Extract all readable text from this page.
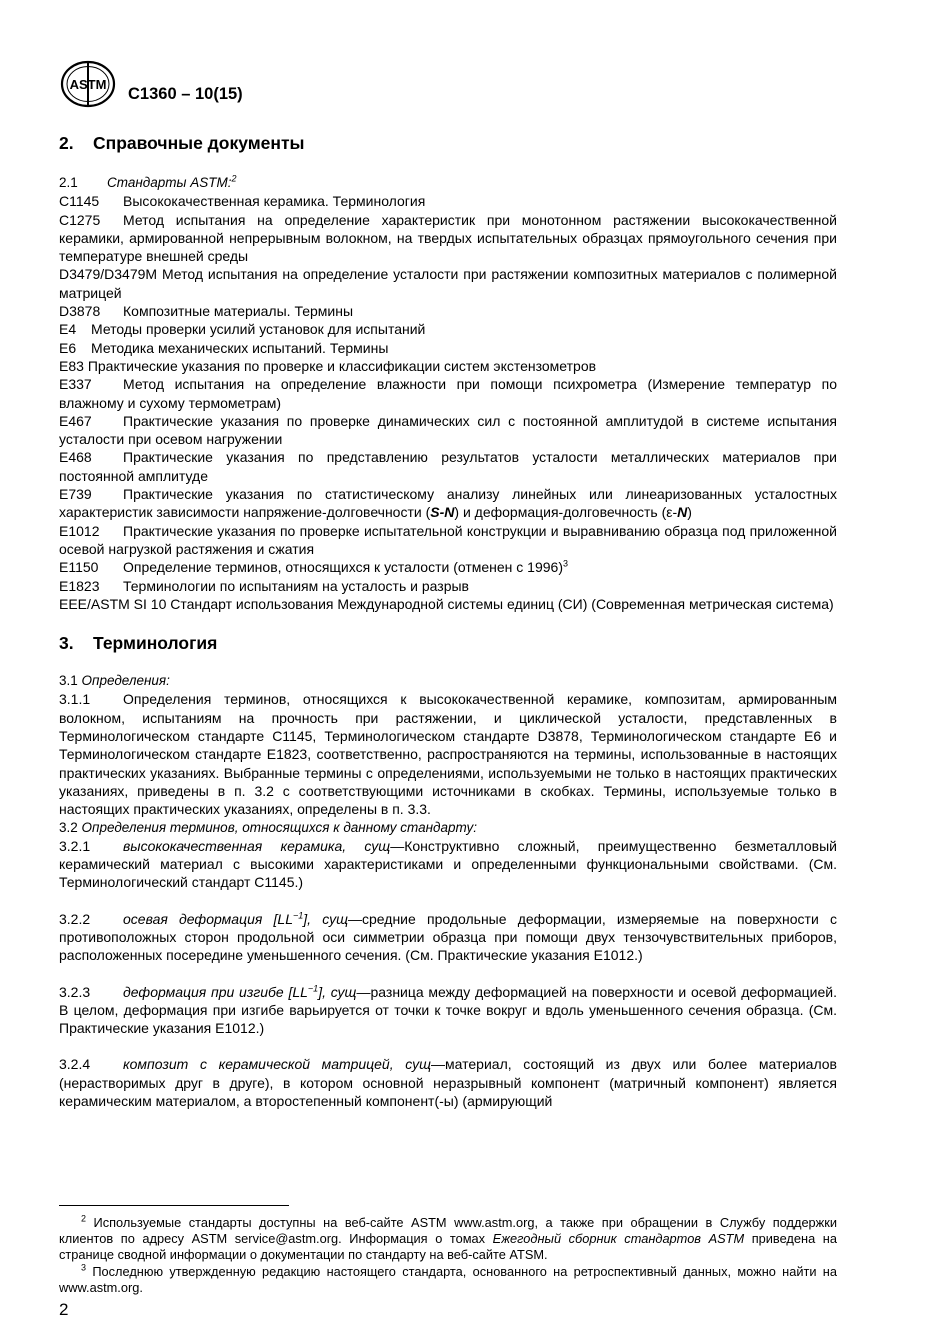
ASTM C1360 – 10(15)

2. Справочные документы

2.1 Стандарты ASTM:$^2$

C1145 Высококачественная керамика. Терминология

C1275 Метод испытания на определение характеристик при монотонном растяжении высококачественной керамики, армированной непрерывным волокном, на твердых испытательных образцах прямоугольного сечения при температуре внешней среды

D3479/D3479M Метод испытания на определение усталости при растяжении композитных материалов с полимерной матрицей

D3878 Композитные материалы. Термины

E4 Методы проверки усилий установок для испытаний

E6 Методика механических испытаний. Термины

E83 Практические указания по проверке и классификации систем экстензометров

E337 Метод испытания на определение влажности при помощи психрометра (Измерение температур по влажному и сухому термометрам)

E467 Практические указания по проверке динамических сил с постоянной амплитудой в системе испытания усталости при осевом нагружении

E468 Практические указания по представлению результатов усталости металлических материалов при постоянной амплитуде

E739 Практические указания по статистическому анализу линейных или линеаризованных усталостных характеристик зависимости напряжение-долговечности (S-N) и деформация-долговечность (ε-N)

E1012 Практические указания по проверке испытательной конструкции и выравниванию образца под приложенной осевой нагрузкой растяжения и сжатия

E1150 Определение терминов, относящихся к усталости (отменен с 1996)$^3$

E1823 Терминологии по испытаниям на усталость и разрыв

EEE/ASTM SI 10 Стандарт использования Международной системы единиц (СИ) (Современная метрическая система)

3. Терминология

3.1 Определения:

3.1.1 Определения терминов, относящихся к высококачественной керамике, композитам, армированным волокном, испытаниям на прочность при растяжении, и циклической усталости, представленных в Терминологическом стандарте C1145, Терминологическом стандарте D3878, Терминологическом стандарте E6 и Терминологическом стандарте E1823, соответственно, распространяются на термины, использованные в настоящих практических указаниях. Выбранные термины с определениями, используемыми не только в настоящих практических указаниях, приведены в п. 3.2 с соответствующими источниками в скобках. Термины, используемые только в настоящих практических указаниях, определены в п. 3.3.

3.2 Определения терминов, относящихся к данному стандарту:

3.2.1 высококачественная керамика, сущ—Конструктивно сложный, преимущественно безметалловый керамический материал с высокими характеристиками и определенными функциональными свойствами. (См. Терминологический стандарт C1145.)

3.2.2 осевая деформация $[LL^{-1}]$, сущ—средние продольные деформации, измеряемые на поверхности с противоположных сторон продольной оси симметрии образца при помощи двух тензочувствительных приборов, расположенных посередине уменьшенного сечения. (См. Практические указания E1012.)

3.2.3 деформация при изгибе $[LL^{-1}]$, сущ—разница между деформацией на поверхности и осевой деформацией. В целом, деформация при изгибе варьируется от точки к точке вокруг и вдоль уменьшенного сечения образца. (См. Практические указания E1012.)

3.2.4 композит с керамической матрицей, сущ—материал, состоящий из двух или более материалов (нерастворимых друг в друге), в котором основной неразрывный компонент (матричный компонент) является керамическим материалом, а второстепенный компонент(-ы) (армирующий

$^2$ Используемые стандарты доступны на веб-сайте ASTM www.astm.org, а также при обращении в Службу поддержки клиентов по адресу ASTM service@astm.org. Информация о томах Ежегодный сборник стандартов ASTM приведена на странице сводной информации о документации по стандарту на веб-сайте ATSM.

$^3$ Последнюю утвержденную редакцию настоящего стандарта, основанного на ретроспективный данных, можно найти на www.astm.org.

2
